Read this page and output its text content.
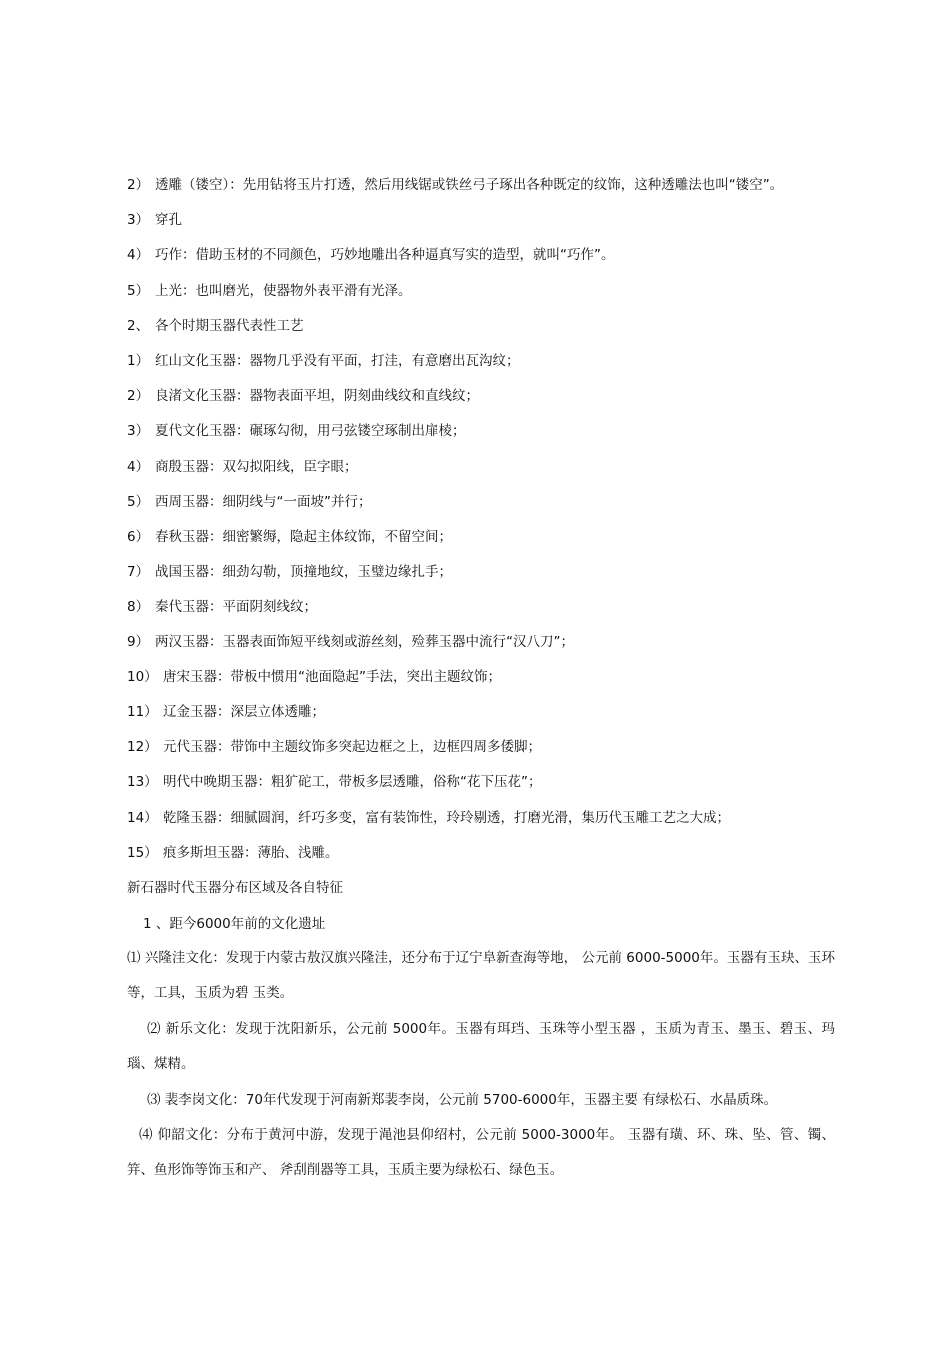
2） 透雕（镂空）：先用钻将玉片打透，然后用线锯或铁丝弓子琢出各种既定的纹饰，这种透雕法也叫“镂空”。
3） 穿孔
4） 巧作：借助玉材的不同颜色，巧妙地雕出各种逼真写实的造型，就叫“巧作”。
5） 上光：也叫磨光，使器物外表平滑有光泽。
2、 各个时期玉器代表性工艺
1） 红山文化玉器：器物几乎没有平面，打洼，有意磨出瓦沟纹；
2） 良渚文化玉器：器物表面平坦，阴刻曲线纹和直线纹；
3） 夏代文化玉器：碾琢勾彻，用弓弦镂空琢制出扉棱；
4） 商殷玉器：双勾拟阳线，臣字眼；
5） 西周玉器：细阴线与“一面坡”并行；
6） 春秋玉器：细密繁缛，隐起主体纹饰，不留空间；
7） 战国玉器：细劲勾勒，顶撞地纹，玉璧边缘扎手；
8） 秦代玉器：平面阴刻线纹；
9） 两汉玉器：玉器表面饰短平线刻或游丝刻，殓葬玉器中流行“汉八刀”；
10） 唐宋玉器：带板中惯用“池面隐起”手法，突出主题纹饰；
11） 辽金玉器：深层立体透雕；
12） 元代玉器：带饰中主题纹饰多突起边框之上，边框四周多倭脚；
13） 明代中晚期玉器：粗犷砣工，带板多层透雕，俗称“花下压花”；
14） 乾隆玉器：细腻圆润，纤巧多变，富有装饰性，玲玲剔透，打磨光滑，集历代玉雕工艺之大成；
15） 痕多斯坦玉器：薄胎、浅雕。
新石器时代玉器分布区域及各自特征
1 、距今6000年前的文化遗址
⑴ 兴隆洼文化：发现于内蒙古敖汉旗兴隆洼，还分布于辽宁阜新查海等地， 公元前 6000-5000年。玉器有玉玦、玉环等，工具，玉质为碧 玉类。
⑵ 新乐文化：发现于沈阳新乐，公元前 5000年。玉器有珥珰、玉珠等小型玉器 ，玉质为青玉、墨玉、碧玉、玛瑙、煤精。
⑶ 裴李岗文化：70年代发现于河南新郑裴李岗，公元前 5700-6000年，玉器主要 有绿松石、水晶质珠。
⑷ 仰韶文化：分布于黄河中游，发现于渑池县仰绍村，公元前 5000-3000年。 玉器有璜、环、珠、坠、管、镯、笄、鱼形饰等饰玉和产、 斧刮削器等工具，玉质主要为绿松石、绿色玉。
